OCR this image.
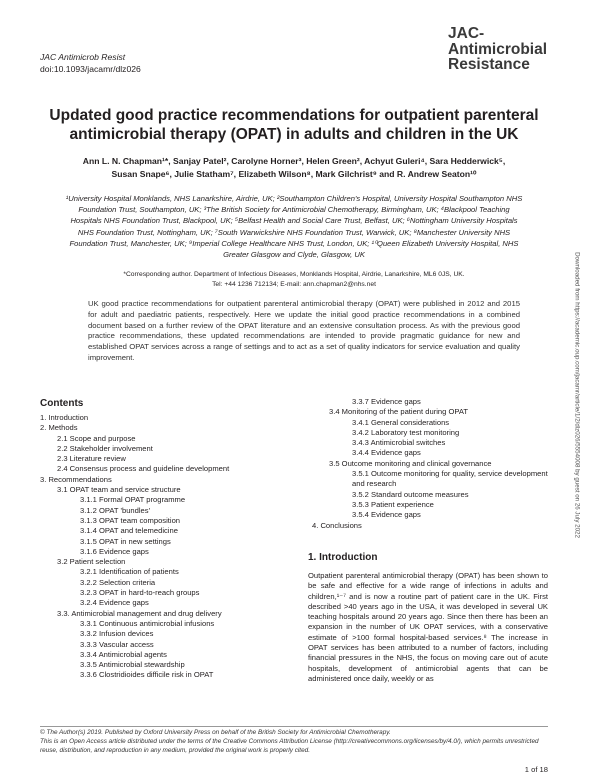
JAC Antimicrob Resist
doi:10.1093/jacamr/dlz026
JAC-
Antimicrobial
Resistance
Updated good practice recommendations for outpatient parenteral
antimicrobial therapy (OPAT) in adults and children in the UK
Ann L. N. Chapman¹*, Sanjay Patel², Carolyne Horner³, Helen Green², Achyut Guleri⁴, Sara Hedderwick⁵,
Susan Snape⁶, Julie Statham⁷, Elizabeth Wilson⁸, Mark Gilchrist⁹ and R. Andrew Seaton¹⁰
¹University Hospital Monklands, NHS Lanarkshire, Airdrie, UK; ²Southampton Children's Hospital, University Hospital Southampton NHS
Foundation Trust, Southampton, UK; ³The British Society for Antimicrobial Chemotherapy, Birmingham, UK; ⁴Blackpool Teaching
Hospitals NHS Foundation Trust, Blackpool, UK; ⁵Belfast Health and Social Care Trust, Belfast, UK; ⁶Nottingham University Hospitals
NHS Foundation Trust, Nottingham, UK; ⁷South Warwickshire NHS Foundation Trust, Warwick, UK; ⁸Manchester University NHS
Foundation Trust, Manchester, UK; ⁹Imperial College Healthcare NHS Trust, London, UK; ¹⁰Queen Elizabeth University Hospital, NHS
Greater Glasgow and Clyde, Glasgow, UK
*Corresponding author. Department of Infectious Diseases, Monklands Hospital, Airdrie, Lanarkshire, ML6 0JS, UK.
Tel: +44 1236 712134; E-mail: ann.chapman2@nhs.net

UK good practice recommendations for outpatient parenteral antimicrobial therapy (OPAT) were published in 2012 and 2015 for adult and paediatric patients, respectively. Here we update the initial good practice recommendations in a combined document based on a further review of the OPAT literature and an extensive consultation process. As with the previous good practice recommendations, these updated recommendations are intended to provide pragmatic guidance for new and established OPAT services across a range of settings and to act as a set of quality indicators for service evaluation and quality improvement.

Contents
1. Introduction
2. Methods
2.1 Scope and purpose
2.2 Stakeholder involvement
2.3 Literature review
2.4 Consensus process and guideline development
3. Recommendations
3.1 OPAT team and service structure
3.1.1 Formal OPAT programme
3.1.2 OPAT 'bundles'
3.1.3 OPAT team composition
3.1.4 OPAT and telemedicine
3.1.5 OPAT in new settings
3.1.6 Evidence gaps
3.2 Patient selection
3.2.1 Identification of patients
3.2.2 Selection criteria
3.2.3 OPAT in hard-to-reach groups
3.2.4 Evidence gaps
3.3. Antimicrobial management and drug delivery
3.3.1 Continuous antimicrobial infusions
3.3.2 Infusion devices
3.3.3 Vascular access
3.3.4 Antimicrobial agents
3.3.5 Antimicrobial stewardship
3.3.6 Clostridioides difficile risk in OPAT
3.3.7 Evidence gaps
3.4 Monitoring of the patient during OPAT
3.4.1 General considerations
3.4.2 Laboratory test monitoring
3.4.3 Antimicrobial switches
3.4.4 Evidence gaps
3.5 Outcome monitoring and clinical governance
3.5.1 Outcome monitoring for quality, service development and research
3.5.2 Standard outcome measures
3.5.3 Patient experience
3.5.4 Evidence gaps
4. Conclusions
1. Introduction

Outpatient parenteral antimicrobial therapy (OPAT) has been shown to be safe and effective for a wide range of infections in adults and children,¹⁻⁷ and is now a routine part of patient care in the UK. First described >40 years ago in the USA, it was developed in several UK teaching hospitals around 20 years ago. Since then there has been an expansion in the number of UK OPAT services, with a conservative estimate of >100 formal hospital-based services.⁸ The increase in OPAT services has been attributed to a number of factors, including financial pressures in the NHS, the focus on moving care out of acute hospitals, development of antimicrobial agents that can be administered once daily, weekly or as

© The Author(s) 2019. Published by Oxford University Press on behalf of the British Society for Antimicrobial Chemotherapy.
This is an Open Access article distributed under the terms of the Creative Commons Attribution License (http://creativecommons.org/licenses/by/4.0/), which permits unrestricted reuse, distribution, and reproduction in any medium, provided the original work is properly cited.
1 of 18
Downloaded from https://academic.oup.com/jacamr/article/1/2/dlz026/5554008 by guest on 26 July 2022
